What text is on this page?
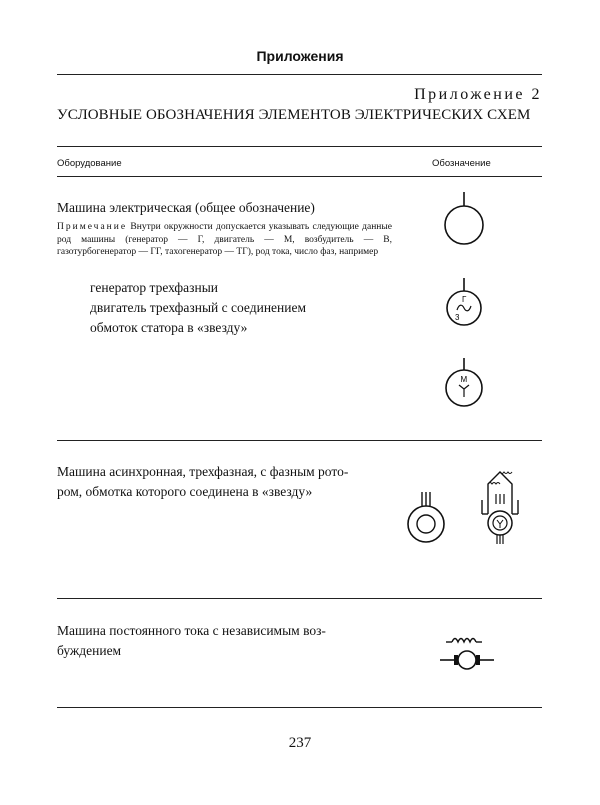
Приложения
Приложение 2
УСЛОВНЫЕ ОБОЗНАЧЕНИЯ ЭЛЕМЕНТОВ ЭЛЕКТРИЧЕСКИХ СХЕМ
Оборудование	Обозначение
Машина электрическая (общее обозначение)
Примечание Внутри окружности допускается указывать следующие данные род машины (генератор — Г, двигатель — М, возбудитель — В, газотурбогенератор — ГГ, тахогенератор — ТГ), род тока, число фаз, например
генератор трехфазныи
двигатель трехфазный с соединением
обмоток статора в «звезду»
Г
3
М
Машина асинхронная, трехфазная, с фазным рото-
ром, обмотка которого соединена в «звезду»
Машина постоянного тока с независимым воз-
буждением
237
